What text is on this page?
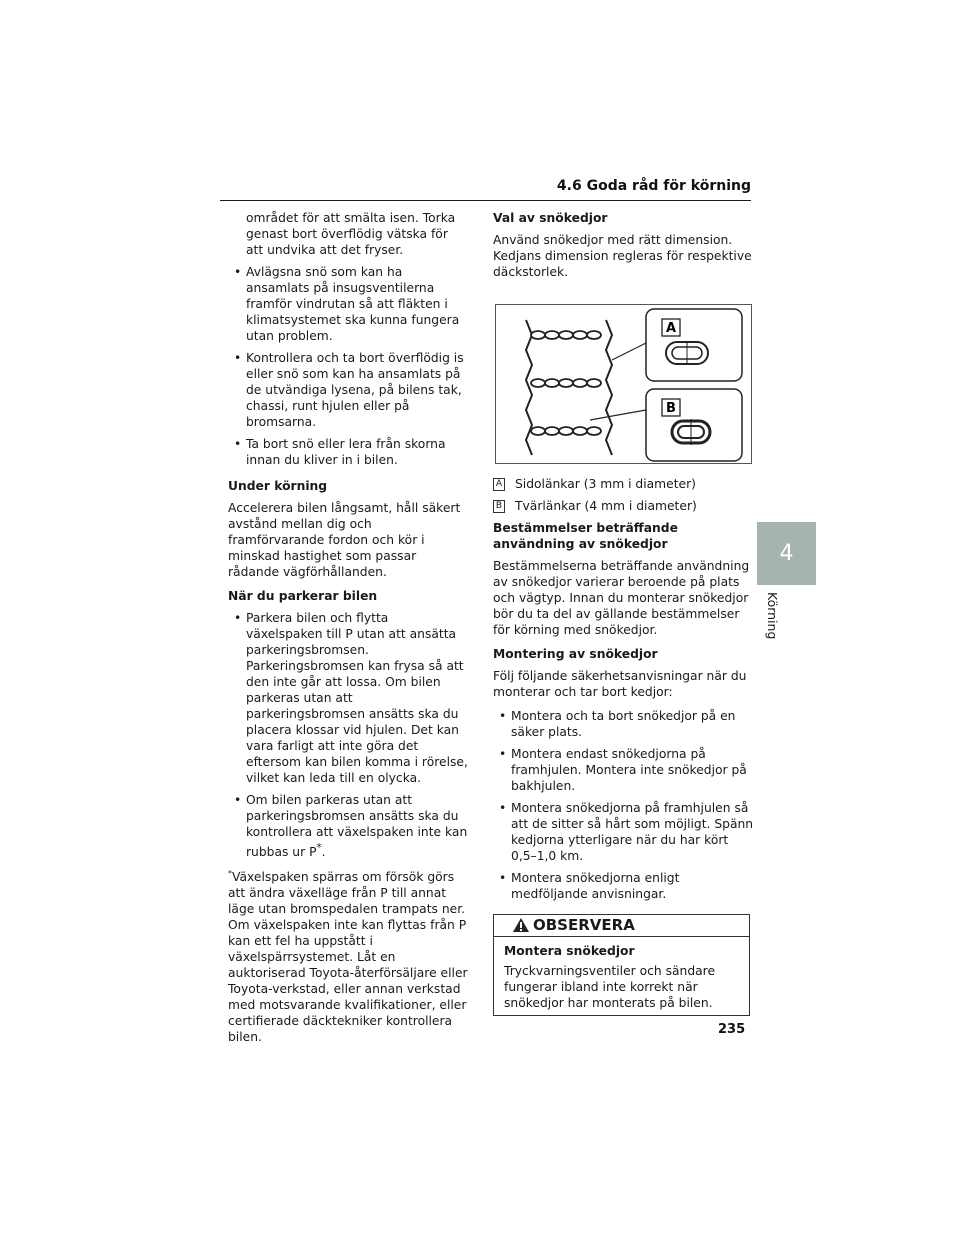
4.6 Goda råd för körning
4
Körning

området för att smälta isen. Torka genast bort överflödig vätska för att undvika att det fryser.

• Avlägsna snö som kan ha ansamlats på insugsventilerna framför vindrutan så att fläkten i klimatsystemet ska kunna fungera utan problem.
• Kontrollera och ta bort överflödig is eller snö som kan ha ansamlats på de utvändiga lysena, på bilens tak, chassi, runt hjulen eller på bromsarna.
• Ta bort snö eller lera från skorna innan du kliver in i bilen.

Under körning

Accelerera bilen långsamt, håll säkert avstånd mellan dig och framförvarande fordon och kör i minskad hastighet som passar rådande vägförhållanden.

När du parkerar bilen

• Parkera bilen och flytta växelspaken till P utan att ansätta parkeringsbromsen.
Parkeringsbromsen kan frysa så att den inte går att lossa. Om bilen parkeras utan att parkeringsbromsen ansätts ska du placera klossar vid hjulen. Det kan vara farligt att inte göra det eftersom kan bilen komma i rörelse, vilket kan leda till en olycka.
• Om bilen parkeras utan att parkeringsbromsen ansätts ska du kontrollera att växelspaken inte kan rubbas ur P*.

*Växelspaken spärras om försök görs att ändra växelläge från P till annat läge utan bromspedalen trampats ner. Om växelspaken inte kan flyttas från P kan ett fel ha uppstått i växelspärrsystemet. Låt en auktoriserad Toyota-återförsäljare eller Toyota-verkstad, eller annan verkstad med motsvarande kvalifikationer, eller certifierade däcktekniker kontrollera bilen.

Val av snökedjor

Använd snökedjor med rätt dimension. Kedjans dimension regleras för respektive däckstorlek.

A
B
A Sidolänkar (3 mm i diameter)
B Tvärlänkar (4 mm i diameter)

Bestämmelser beträffande användning av snökedjor

Bestämmelserna beträffande användning av snökedjor varierar beroende på plats och vägtyp. Innan du monterar snökedjor bör du ta del av gällande bestämmelser för körning med snökedjor.

Montering av snökedjor

Följ följande säkerhetsanvisningar när du monterar och tar bort kedjor:

• Montera och ta bort snökedjor på en säker plats.
• Montera endast snökedjorna på framhjulen. Montera inte snökedjor på bakhjulen.
• Montera snökedjorna på framhjulen så att de sitter så hårt som möjligt. Spänn kedjorna ytterligare när du har kört 0,5–1,0 km.
• Montera snökedjorna enligt medföljande anvisningar.
OBSERVERA

Montera snökedjor

Tryckvarningsventiler och sändare fungerar ibland inte korrekt när snökedjor har monterats på bilen.

235
